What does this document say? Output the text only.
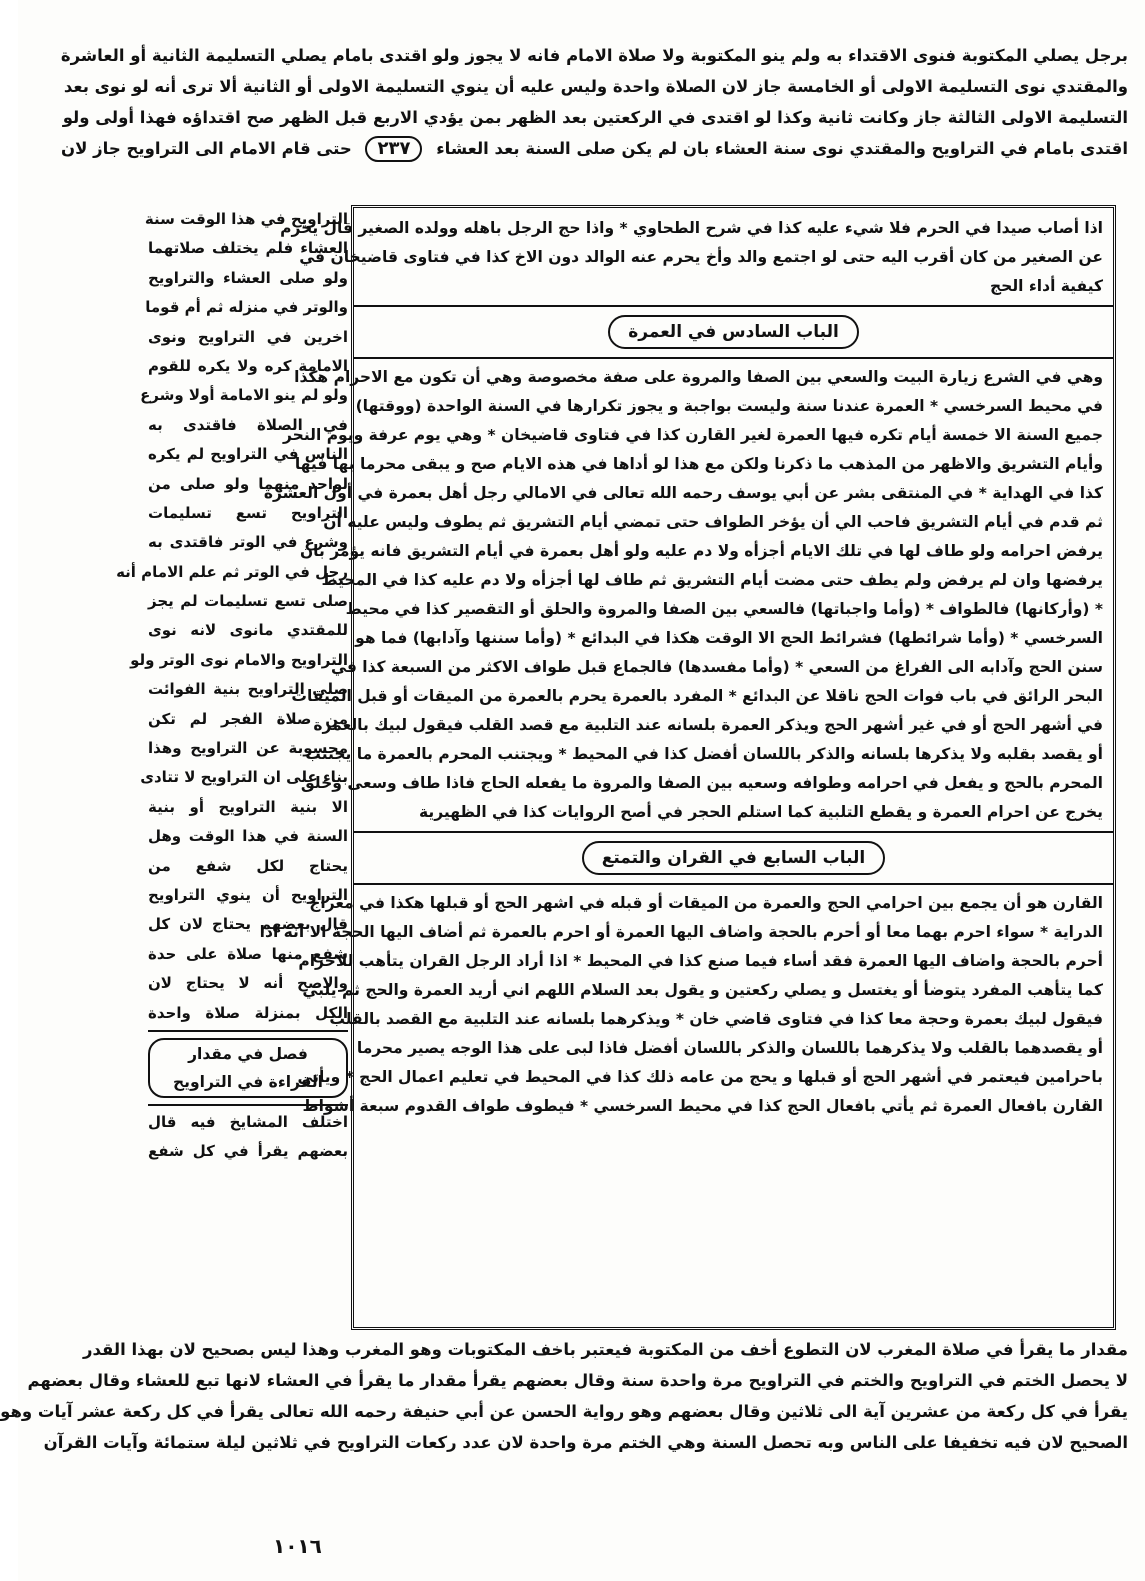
برجل يصلي المكتوبة فنوى الاقتداء به ولم ينو المكتوبة ولا صلاة الامام فانه لا يجوز ولو اقتدى بامام يصلي التسليمة الثانية أو العاشرة
والمقتدي نوى التسليمة الاولى أو الخامسة جاز لان الصلاة واحدة وليس عليه أن ينوي التسليمة الاولى أو الثانية ألا ترى أنه لو نوى بعد
التسليمة الاولى الثالثة جاز وكانت ثانية وكذا لو اقتدى في الركعتين بعد الظهر بمن يؤدي الاربع قبل الظهر صح اقتداؤه فهذا أولى ولو
اقتدى بامام في التراويح والمقتدي نوى سنة العشاء بان لم يكن صلى السنة بعد العشاء ٢٣٧ حتى قام الامام الى التراويح جاز لان
اذا أصاب صيدا في الحرم فلا شيء عليه كذا في شرح الطحاوي * واذا حج الرجل باهله وولده الصغير قال يحرم
عن الصغير من كان أقرب اليه حتى لو اجتمع والد وأخ يحرم عنه الوالد دون الاخ كذا في فتاوى قاضيخان في
كيفية أداء الحج
الباب السادس في العمرة
وهي في الشرع زيارة البيت والسعي بين الصفا والمروة على صفة مخصوصة وهي أن تكون مع الاحرام هكذا
في محيط السرخسي * العمرة عندنا سنة وليست بواجبة و يجوز تكرارها في السنة الواحدة (ووقتها)
جميع السنة الا خمسة أيام تكره فيها العمرة لغير القارن كذا في فتاوى قاضيخان * وهي يوم عرفة ويوم النحر
وأيام التشريق والاظهر من المذهب ما ذكرنا ولكن مع هذا لو أداها في هذه الايام صح و يبقى محرما بها فيها
كذا في الهداية * في المنتقى بشر عن أبي يوسف رحمه الله تعالى في الامالي رجل أهل بعمرة في أول العشرة
ثم قدم في أيام التشريق فاحب الي أن يؤخر الطواف حتى تمضي أيام التشريق ثم يطوف وليس عليه أن
يرفض احرامه ولو طاف لها في تلك الايام أجزأه ولا دم عليه ولو أهل بعمرة في أيام التشريق فانه يؤمر بان
يرفضها وان لم يرفض ولم يطف حتى مضت أيام التشريق ثم طاف لها أجزأه ولا دم عليه كذا في المحيط
* (وأركانها) فالطواف * (وأما واجباتها) فالسعي بين الصفا والمروة والحلق أو التقصير كذا في محيط
السرخسي * (وأما شرائطها) فشرائط الحج الا الوقت هكذا في البدائع * (وأما سننها وآدابها) فما هو
سنن الحج وآدابه الى الفراغ من السعي * (وأما مفسدها) فالجماع قبل طواف الاكثر من السبعة كذا في
البحر الرائق في باب فوات الحج ناقلا عن البدائع * المفرد بالعمرة يحرم بالعمرة من الميقات أو قبل الميقات
في أشهر الحج أو في غير أشهر الحج ويذكر العمرة بلسانه عند التلبية مع قصد القلب فيقول لبيك بالعمرة
أو يقصد بقلبه ولا يذكرها بلسانه والذكر باللسان أفضل كذا في المحيط * ويجتنب المحرم بالعمرة ما يجتنب
المحرم بالحج و يفعل في احرامه وطوافه وسعيه بين الصفا والمروة ما يفعله الحاج فاذا طاف وسعى وحلق
يخرج عن احرام العمرة و يقطع التلبية كما استلم الحجر في أصح الروايات كذا في الظهيرية
الباب السابع في القران والتمتع
القارن هو أن يجمع بين احرامي الحج والعمرة من الميقات أو قبله في اشهر الحج أو قبلها هكذا في معراج
الدراية * سواء احرم بهما معا أو أحرم بالحجة واضاف اليها العمرة أو احرم بالعمرة ثم أضاف اليها الحجة الا انه اذا
أحرم بالحجة واضاف اليها العمرة فقد أساء فيما صنع كذا في المحيط * اذا أراد الرجل القران يتأهب للاحرام
كما يتأهب المفرد يتوضأ أو يغتسل و يصلي ركعتين و يقول بعد السلام اللهم اني أريد العمرة والحج ثم يلبي
فيقول لبيك بعمرة وحجة معا كذا في فتاوى قاضي خان * ويذكرهما بلسانه عند التلبية مع القصد بالقلب
أو يقصدهما بالقلب ولا يذكرهما باللسان والذكر باللسان أفضل فاذا لبى على هذا الوجه يصير محرما
باحرامين فيعتمر في أشهر الحج أو قبلها و يحج من عامه ذلك كذا في المحيط في تعليم اعمال الحج * ويأتي
القارن بافعال العمرة ثم يأتي بافعال الحج كذا في محيط السرخسي * فيطوف طواف القدوم سبعة أشواط
التراويح في هذا الوقت سنة
العشاء فلم يختلف صلاتهما
ولو صلى العشاء والتراويح
والوتر في منزله ثم أم قوما
اخرين في التراويح ونوى
الامامة كره ولا يكره للقوم
ولو لم ينو الامامة أولا وشرع
في الصلاة فاقتدى به
الناس في التراويح لم يكره
لواحد منهما ولو صلى من
التراويح تسع تسليمات
وشرع في الوتر فاقتدى به
رجل في الوتر ثم علم الامام أنه
صلى تسع تسليمات لم يجز
للمقتدي مانوى لانه نوى
التراويح والامام نوى الوتر ولو
صلى التراويح بنية الفوائت
من صلاة الفجر لم تكن
محسوبة عن التراويح وهذا
بناء على ان التراويح لا تتادى
الا بنية التراويح أو بنية
السنة في هذا الوقت وهل
يحتاج لكل شفع من
التراويح أن ينوي التراويح
قال بعضهم يحتاج لان كل
شفع منها صلاة على حدة
والاصح أنه لا يحتاج لان
الكل بمنزلة صلاة واحدة
فصل في مقدار القراءة في التراويح
اختلف المشايخ فيه قال
بعضهم يقرأ في كل شفع
مقدار ما يقرأ في صلاة المغرب لان التطوع أخف من المكتوبة فيعتبر باخف المكتوبات وهو المغرب وهذا ليس بصحيح لان بهذا القدر
لا يحصل الختم في التراويح والختم في التراويح مرة واحدة سنة وقال بعضهم يقرأ مقدار ما يقرأ في العشاء لانها تبع للعشاء وقال بعضهم
يقرأ في كل ركعة من عشرين آية الى ثلاثين وقال بعضهم وهو رواية الحسن عن أبي حنيفة رحمه الله تعالى يقرأ في كل ركعة عشر آيات وهو
الصحيح لان فيه تخفيفا على الناس وبه تحصل السنة وهي الختم مرة واحدة لان عدد ركعات التراويح في ثلاثين ليلة ستمائة وآيات القرآن
١٠١٦
